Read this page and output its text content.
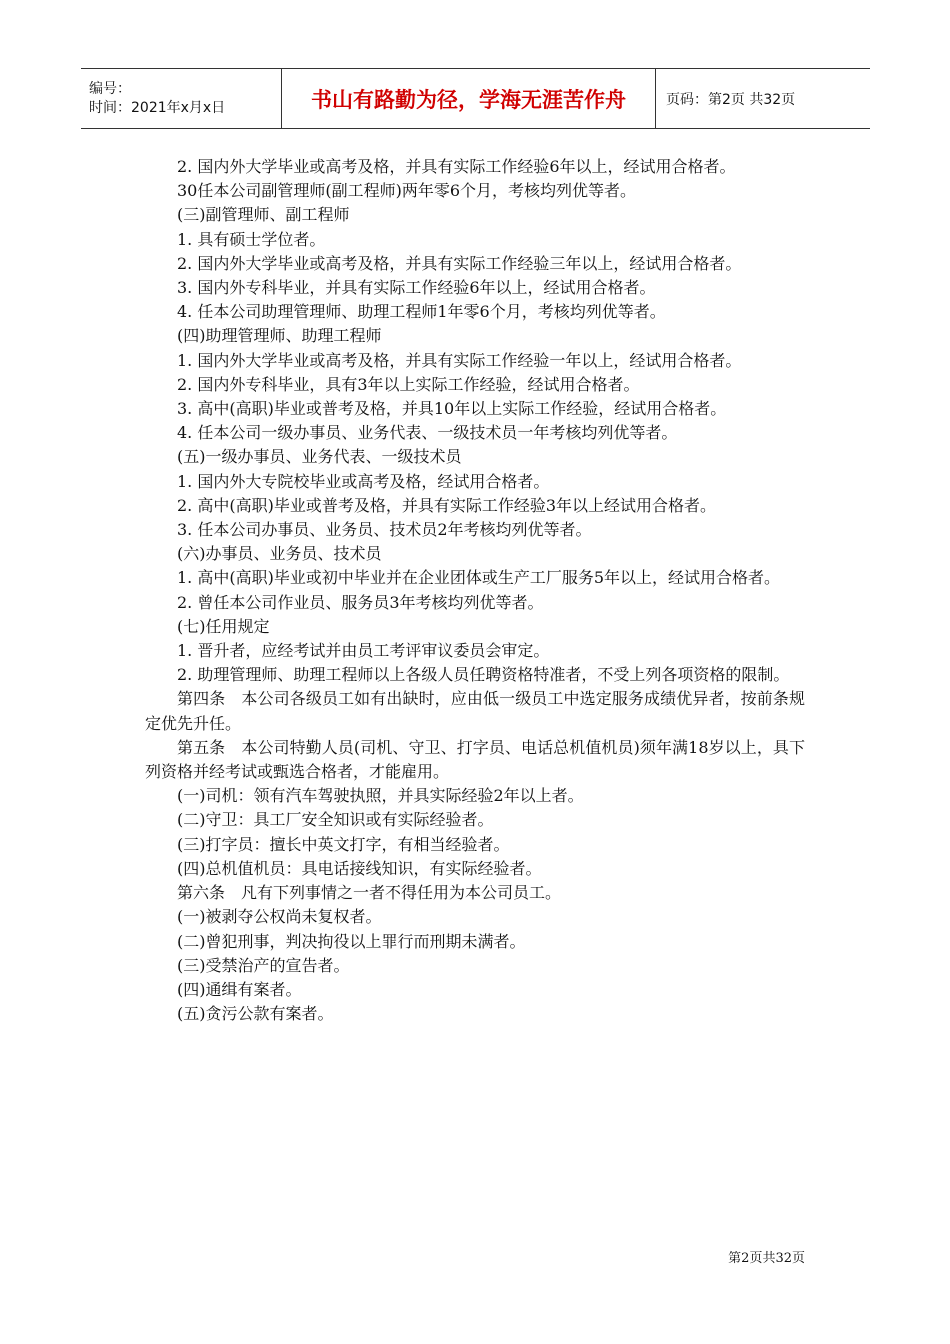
编号：
时间：2021年x月x日	书山有路勤为径，学海无涯苦作舟	页码：第2页 共32页

2. 国内外大学毕业或高考及格，并具有实际工作经验6年以上，经试用合格者。

30任本公司副管理师(副工程师)两年零6个月，考核均列优等者。

(三)副管理师、副工程师

1. 具有硕士学位者。

2. 国内外大学毕业或高考及格，并具有实际工作经验三年以上，经试用合格者。

3. 国内外专科毕业，并具有实际工作经验6年以上，经试用合格者。

4. 任本公司助理管理师、助理工程师1年零6个月，考核均列优等者。

(四)助理管理师、助理工程师

1. 国内外大学毕业或高考及格，并具有实际工作经验一年以上，经试用合格者。

2. 国内外专科毕业，具有3年以上实际工作经验，经试用合格者。

3. 高中(高职)毕业或普考及格，并具10年以上实际工作经验，经试用合格者。

4. 任本公司一级办事员、业务代表、一级技术员一年考核均列优等者。

(五)一级办事员、业务代表、一级技术员

1. 国内外大专院校毕业或高考及格，经试用合格者。

2. 高中(高职)毕业或普考及格，并具有实际工作经验3年以上经试用合格者。

3. 任本公司办事员、业务员、技术员2年考核均列优等者。

(六)办事员、业务员、技术员

1. 高中(高职)毕业或初中毕业并在企业团体或生产工厂服务5年以上，经试用合格者。

2. 曾任本公司作业员、服务员3年考核均列优等者。

(七)任用规定

1. 晋升者，应经考试并由员工考评审议委员会审定。

2. 助理管理师、助理工程师以上各级人员任聘资格特准者，不受上列各项资格的限制。

第四条　本公司各级员工如有出缺时，应由低一级员工中选定服务成绩优异者，按前条规定优先升任。

第五条　本公司特勤人员(司机、守卫、打字员、电话总机值机员)须年满18岁以上，具下列资格并经考试或甄选合格者，才能雇用。

(一)司机：领有汽车驾驶执照，并具实际经验2年以上者。

(二)守卫：具工厂安全知识或有实际经验者。

(三)打字员：擅长中英文打字，有相当经验者。

(四)总机值机员：具电话接线知识，有实际经验者。

第六条　凡有下列事情之一者不得任用为本公司员工。

(一)被剥夺公权尚未复权者。

(二)曾犯刑事，判决拘役以上罪行而刑期未满者。

(三)受禁治产的宣告者。

(四)通缉有案者。

(五)贪污公款有案者。

第2页共32页
